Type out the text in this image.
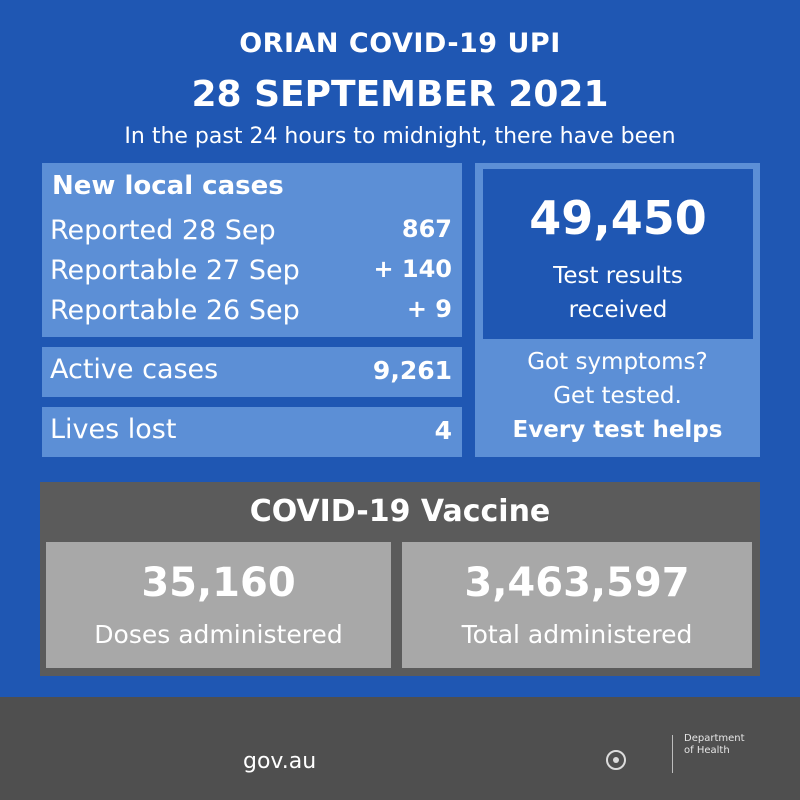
ORIAN COVID-19 UPI
28 SEPTEMBER 2021
In the past 24 hours to midnight, there have been
New local cases
Reported 28 Sep	867
Reportable 27 Sep	+ 140
Reportable 26 Sep	+ 9
Active cases	9,261
Lives lost	4
49,450
Test results
received
Got symptoms?
Get tested.
Every test helps
COVID-19 Vaccine
35,160
Doses administered
3,463,597
Total administered
gov.au
Department
of Health
